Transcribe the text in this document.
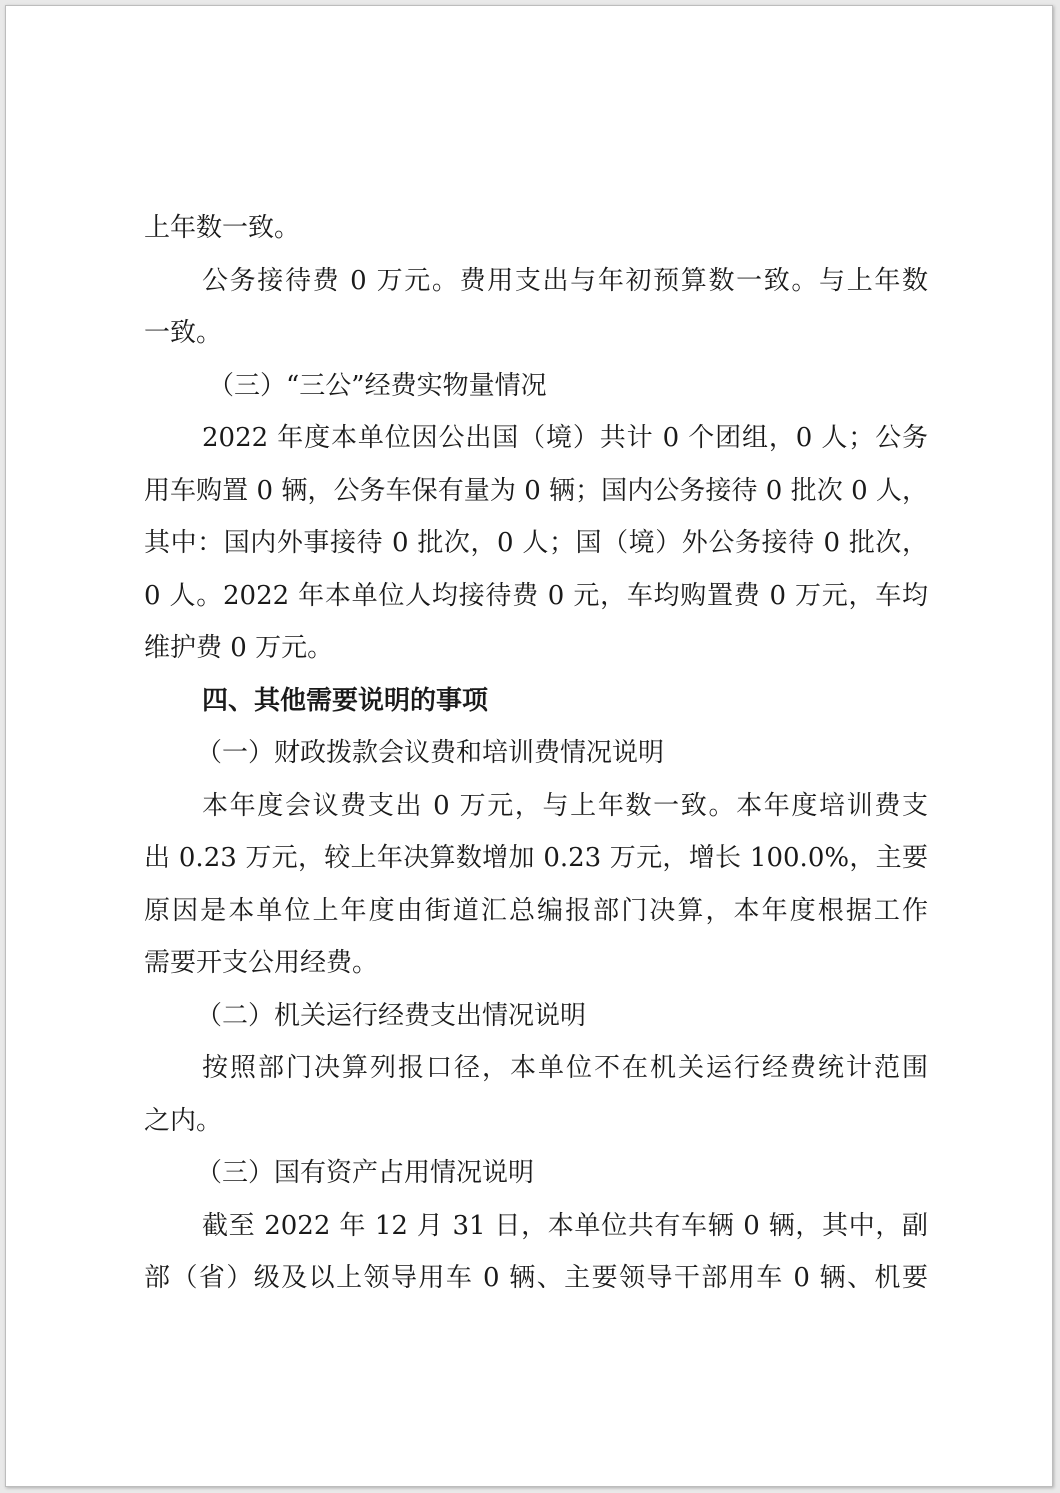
上年数一致。
公务接待费 0 万元。费用支出与年初预算数一致。与上年数
一致。
（三）“三公”经费实物量情况
2022 年度本单位因公出国（境）共计 0 个团组，0 人；公务
用车购置 0 辆，公务车保有量为 0 辆；国内公务接待 0 批次 0 人，
其中：国内外事接待 0 批次，0 人；国（境）外公务接待 0 批次，
0 人。2022 年本单位人均接待费 0 元，车均购置费 0 万元，车均
维护费 0 万元。
四、其他需要说明的事项
（一）财政拨款会议费和培训费情况说明
本年度会议费支出 0 万元，与上年数一致。本年度培训费支
出 0.23 万元，较上年决算数增加 0.23 万元，增长 100.0%，主要
原因是本单位上年度由街道汇总编报部门决算，本年度根据工作
需要开支公用经费。
（二）机关运行经费支出情况说明
按照部门决算列报口径，本单位不在机关运行经费统计范围
之内。
（三）国有资产占用情况说明
截至 2022 年 12 月 31 日，本单位共有车辆 0 辆，其中，副
部（省）级及以上领导用车 0 辆、主要领导干部用车 0 辆、机要
